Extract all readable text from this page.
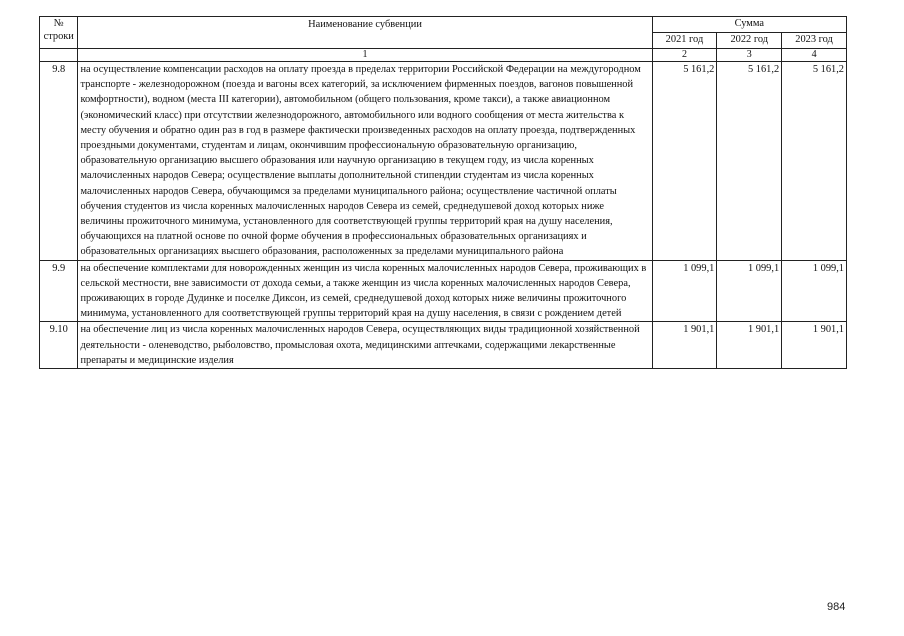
№
строки	Наименование субвенции	Сумма		
		2021 год	2022 год	2023 год
	1	2	3	4
9.8	на осуществление компенсации расходов на оплату проезда в пределах территории Российской Федерации на междугородном транспорте - железнодорожном (поезда и вагоны всех категорий, за исключением фирменных поездов, вагонов повышенной комфортности), водном (места III категории), автомобильном (общего пользования, кроме такси), а также авиационном (экономический класс) при отсутствии железнодорожного, автомобильного или водного сообщения от места жительства к месту обучения и обратно один раз в год в размере фактически произведенных расходов на оплату проезда, подтвержденных проездными документами, студентам и лицам, окончившим профессиональную образовательную организацию, образовательную организацию высшего образования или научную организацию в текущем году, из числа коренных малочисленных народов Севера; осуществление выплаты дополнительной стипендии студентам из числа коренных малочисленных народов Севера, обучающимся за пределами муниципального района; осуществление частичной оплаты обучения студентов из числа коренных малочисленных народов Севера из семей, среднедушевой доход которых ниже величины прожиточного минимума, установленного для соответствующей группы территорий края на душу населения, обучающихся на платной основе по очной форме обучения в профессиональных образовательных организациях и образовательных организациях высшего образования, расположенных за пределами муниципального района	5 161,2	5 161,2	5 161,2
9.9	на обеспечение комплектами для новорожденных женщин из числа коренных малочисленных народов Севера, проживающих в сельской местности, вне зависимости от дохода семьи, а также женщин из числа коренных малочисленных народов Севера, проживающих в городе Дудинке и поселке Диксон, из семей, среднедушевой доход которых ниже величины прожиточного минимума, установленного для соответствующей группы территорий края на душу населения, в связи с рождением детей	1 099,1	1 099,1	1 099,1
9.10	на обеспечение лиц из числа коренных малочисленных народов Севера, осуществляющих виды традиционной хозяйственной деятельности - оленеводство, рыболовство, промысловая охота, медицинскими аптечками, содержащими лекарственные препараты и медицинские изделия	1 901,1	1 901,1	1 901,1
984
